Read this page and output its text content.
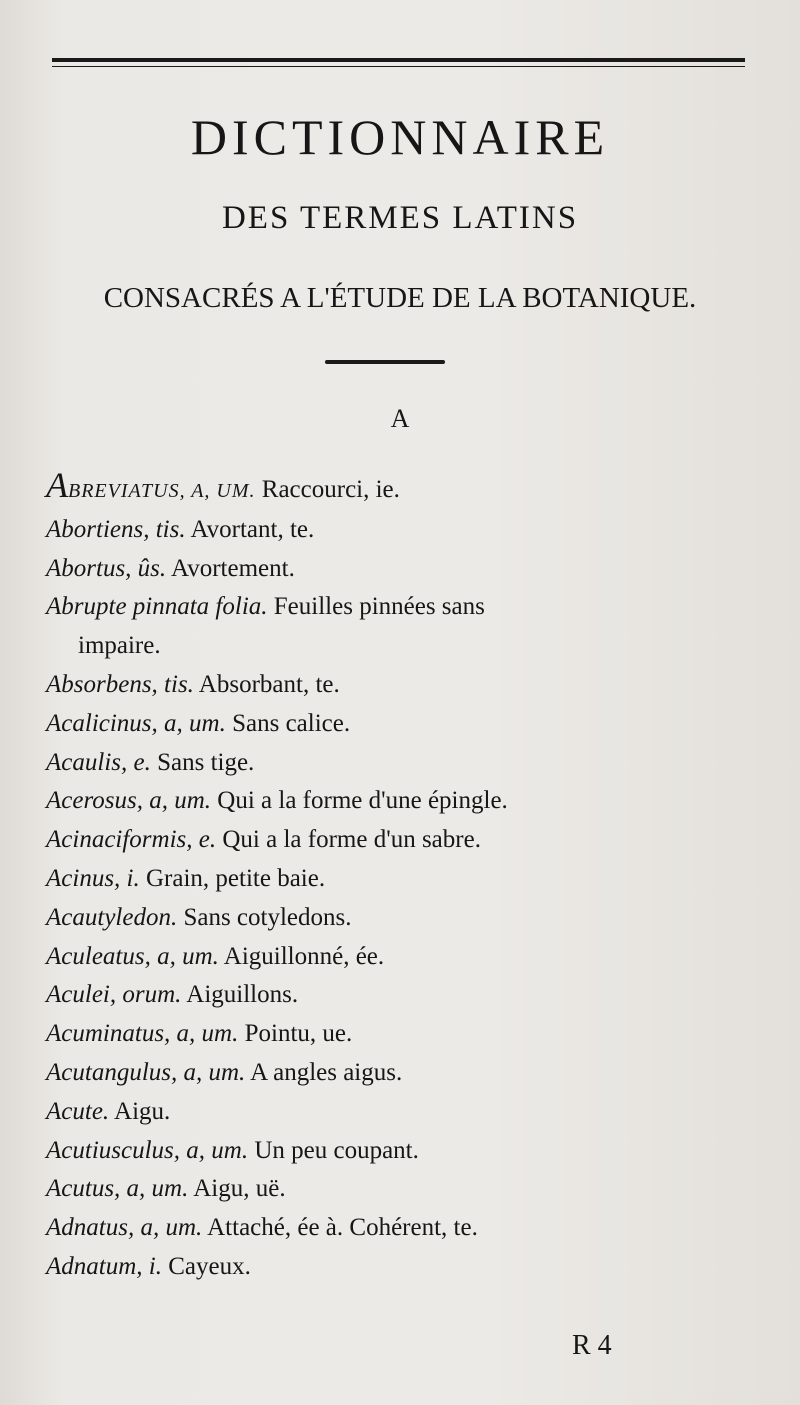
DICTIONNAIRE
DES TERMES LATINS
CONSACRÉS A L'ÉTUDE DE LA BOTANIQUE.
A
ABREVIATUS, A, UM. Raccourci, ie.
Abortiens, tis. Avortant, te.
Abortus, ûs. Avortement.
Abrupte pinnata folia. Feuilles pinnées sans
impaire.
Absorbens, tis. Absorbant, te.
Acalicinus, a, um. Sans calice.
Acaulis, e. Sans tige.
Acerosus, a, um. Qui a la forme d'une épingle.
Acinaciformis, e. Qui a la forme d'un sabre.
Acinus, i. Grain, petite baie.
Acautyledon. Sans cotyledons.
Aculeatus, a, um. Aiguillonné, ée.
Aculei, orum. Aiguillons.
Acuminatus, a, um. Pointu, ue.
Acutangulus, a, um. A angles aigus.
Acute. Aigu.
Acutiusculus, a, um. Un peu coupant.
Acutus, a, um. Aigu, uë.
Adnatus, a, um. Attaché, ée à. Cohérent, te.
Adnatum, i. Cayeux.
R 4
